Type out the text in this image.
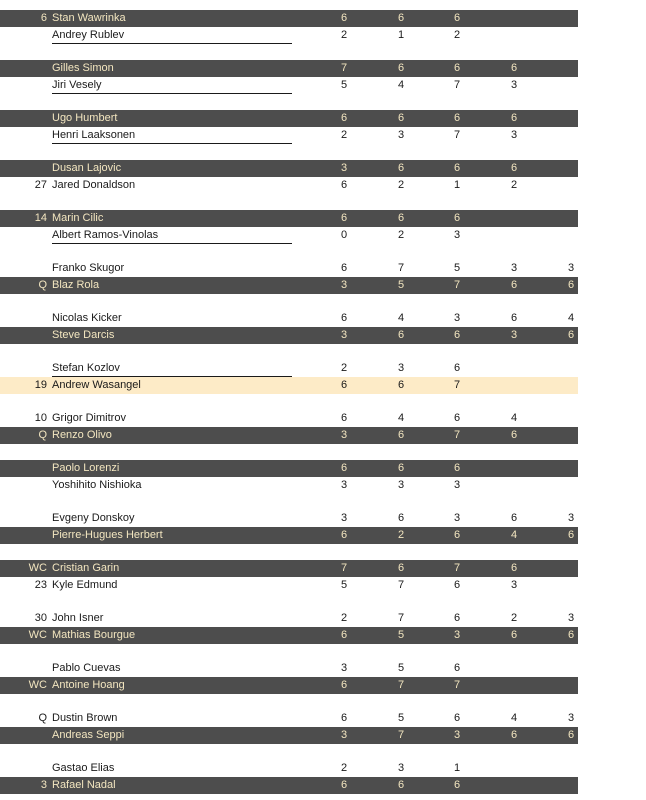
6 Stan Wawrinka	6	6	6
Andrey Rublev	2	1	2
Gilles Simon	7	6	6	6
Jiri Vesely	5	4	7	3
Ugo Humbert	6	6	6	6
Henri Laaksonen	2	3	7	3
Dusan Lajovic	3	6	6	6
27 Jared Donaldson	6	2	1	2
14 Marin Cilic	6	6	6
Albert Ramos-Vinolas	0	2	3
Franko Skugor	6	7	5	3	3
Q Blaz Rola	3	5	7	6	6
Nicolas Kicker	6	4	3	6	4
Steve Darcis	3	6	6	3	6
Stefan Kozlov	2	3	6
19 Andrew Wasangel	6	6	7
10 Grigor Dimitrov	6	4	6	4
Q Renzo Olivo	3	6	7	6
Paolo Lorenzi	6	6	6
Yoshihito Nishioka	3	3	3
Evgeny Donskoy	3	6	3	6	3
Pierre-Hugues Herbert	6	2	6	4	6
WC Cristian Garin	7	6	7	6
23 Kyle Edmund	5	7	6	3
30 John Isner	2	7	6	2	3
WC Mathias Bourgue	6	5	3	6	6
Pablo Cuevas	3	5	6
WC Antoine Hoang	6	7	7
Q Dustin Brown	6	5	6	4	3
Andreas Seppi	3	7	3	6	6
Gastao Elias	2	3	1
3 Rafael Nadal	6	6	6
